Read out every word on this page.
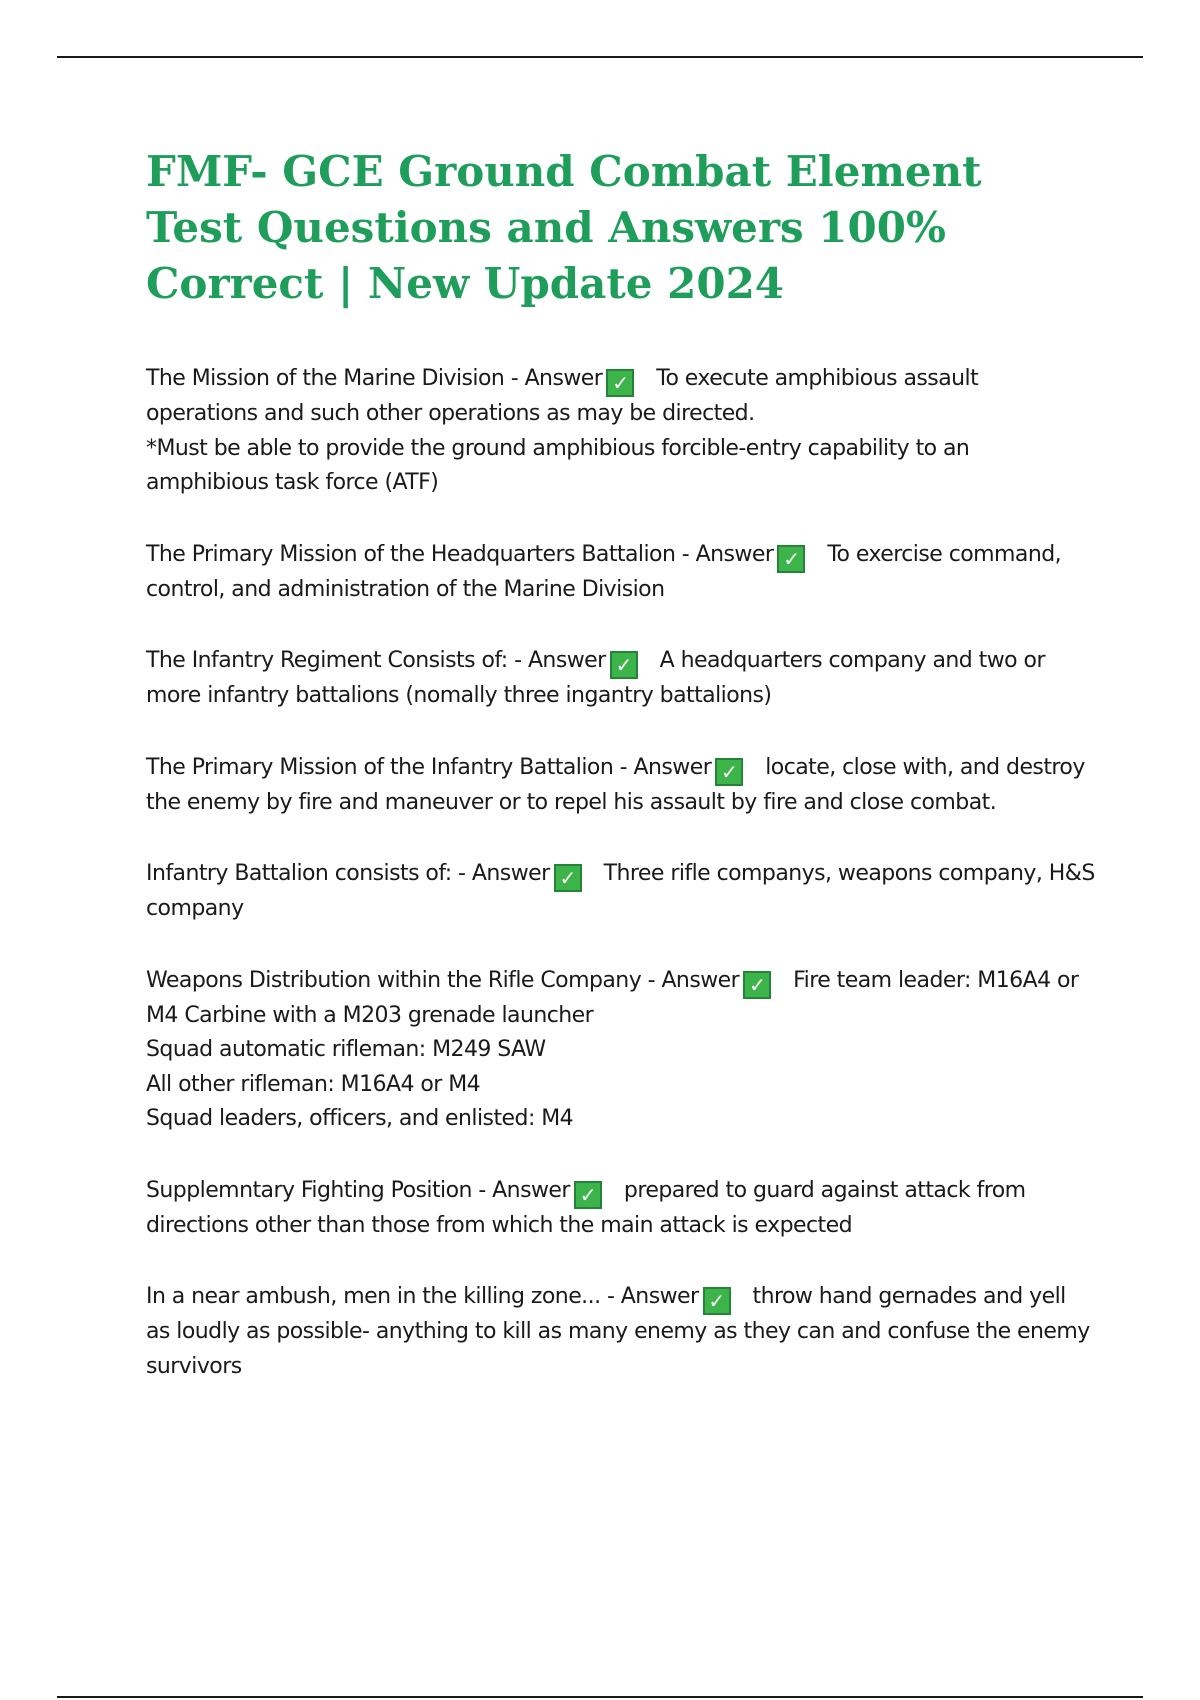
FMF- GCE Ground Combat Element Test Questions and Answers 100% Correct | New Update 2024

The Mission of the Marine Division - Answer ✓ To execute amphibious assault operations and such other operations as may be directed.
*Must be able to provide the ground amphibious forcible-entry capability to an amphibious task force (ATF)

The Primary Mission of the Headquarters Battalion - Answer ✓ To exercise command, control, and administration of the Marine Division

The Infantry Regiment Consists of: - Answer ✓ A headquarters company and two or more infantry battalions (nomally three ingantry battalions)

The Primary Mission of the Infantry Battalion - Answer ✓ locate, close with, and destroy the enemy by fire and maneuver or to repel his assault by fire and close combat.

Infantry Battalion consists of: - Answer ✓ Three rifle companys, weapons company, H&S company

Weapons Distribution within the Rifle Company - Answer ✓ Fire team leader: M16A4 or M4 Carbine with a M203 grenade launcher
Squad automatic rifleman: M249 SAW
All other rifleman: M16A4 or M4
Squad leaders, officers, and enlisted: M4

Supplemntary Fighting Position - Answer ✓ prepared to guard against attack from directions other than those from which the main attack is expected

In a near ambush, men in the killing zone... - Answer ✓ throw hand gernades and yell as loudly as possible- anything to kill as many enemy as they can and confuse the enemy survivors
